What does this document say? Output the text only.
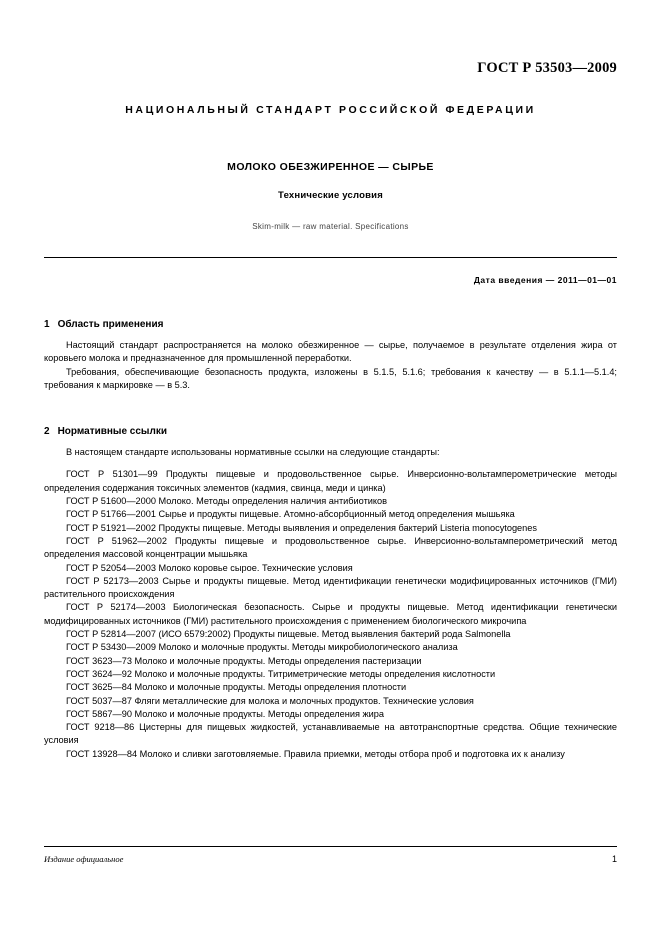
ГОСТ Р 53503—2009
НАЦИОНАЛЬНЫЙ СТАНДАРТ РОССИЙСКОЙ ФЕДЕРАЦИИ
МОЛОКО ОБЕЗЖИРЕННОЕ — СЫРЬЕ
Технические условия
Skim-milk — raw material. Specifications
Дата введения — 2011—01—01
1 Область применения

Настоящий стандарт распространяется на молоко обезжиренное — сырье, получаемое в результате отделения жира от коровьего молока и предназначенное для промышленной переработки.

Требования, обеспечивающие безопасность продукта, изложены в 5.1.5, 5.1.6; требования к качеству — в 5.1.1—5.1.4; требования к маркировке — в 5.3.

2 Нормативные ссылки

В настоящем стандарте использованы нормативные ссылки на следующие стандарты:

ГОСТ Р 51301—99 Продукты пищевые и продовольственное сырье. Инверсионно-вольтамперометрические методы определения содержания токсичных элементов (кадмия, свинца, меди и цинка)

ГОСТ Р 51600—2000 Молоко. Методы определения наличия антибиотиков

ГОСТ Р 51766—2001 Сырье и продукты пищевые. Атомно-абсорбционный метод определения мышьяка

ГОСТ Р 51921—2002 Продукты пищевые. Методы выявления и определения бактерий Listeria monocytogenes

ГОСТ Р 51962—2002 Продукты пищевые и продовольственное сырье. Инверсионно-вольтамперометрический метод определения массовой концентрации мышьяка

ГОСТ Р 52054—2003 Молоко коровье сырое. Технические условия

ГОСТ Р 52173—2003 Сырье и продукты пищевые. Метод идентификации генетически модифицированных источников (ГМИ) растительного происхождения

ГОСТ Р 52174—2003 Биологическая безопасность. Сырье и продукты пищевые. Метод идентификации генетически модифицированных источников (ГМИ) растительного происхождения с применением биологического микрочипа

ГОСТ Р 52814—2007 (ИСО 6579:2002) Продукты пищевые. Метод выявления бактерий рода Salmonella

ГОСТ Р 53430—2009 Молоко и молочные продукты. Методы микробиологического анализа

ГОСТ 3623—73 Молоко и молочные продукты. Методы определения пастеризации

ГОСТ 3624—92 Молоко и молочные продукты. Титриметрические методы определения кислотности

ГОСТ 3625—84 Молоко и молочные продукты. Методы определения плотности

ГОСТ 5037—87 Фляги металлические для молока и молочных продуктов. Технические условия

ГОСТ 5867—90 Молоко и молочные продукты. Методы определения жира

ГОСТ 9218—86 Цистерны для пищевых жидкостей, устанавливаемые на автотранспортные средства. Общие технические условия

ГОСТ 13928—84 Молоко и сливки заготовляемые. Правила приемки, методы отбора проб и подготовка их к анализу

Издание официальное	1
